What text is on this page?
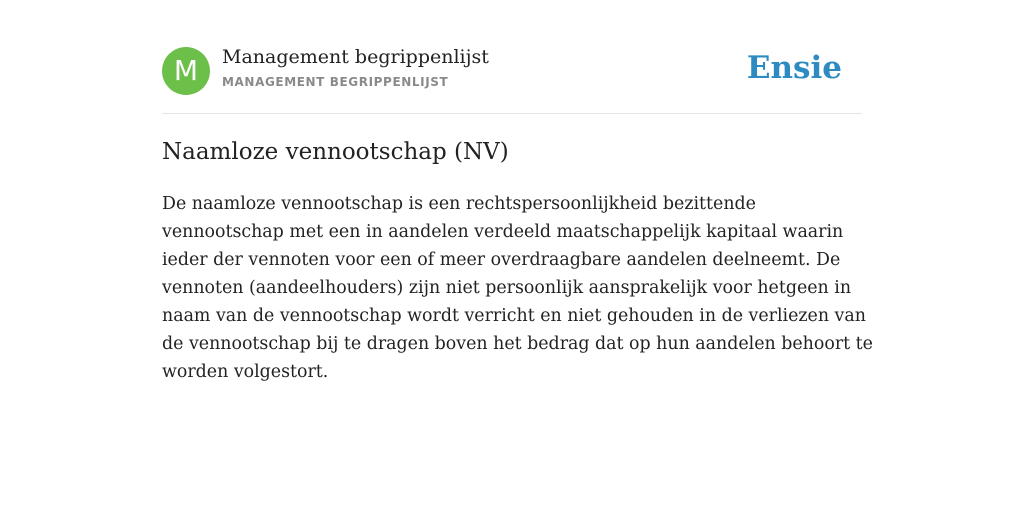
M	Management begrippenlijst
MANAGEMENT BEGRIPPENLIJST	Ensie
Naamloze vennootschap (NV)
De naamloze vennootschap is een rechtspersoonlijkheid bezittende
vennootschap met een in aandelen verdeeld maatschappelijk kapitaal waarin
ieder der vennoten voor een of meer overdraagbare aandelen deelneemt. De
vennoten (aandeelhouders) zijn niet persoonlijk aansprakelijk voor hetgeen in
naam van de vennootschap wordt verricht en niet gehouden in de verliezen van
de vennootschap bij te dragen boven het bedrag dat op hun aandelen behoort te
worden volgestort.
